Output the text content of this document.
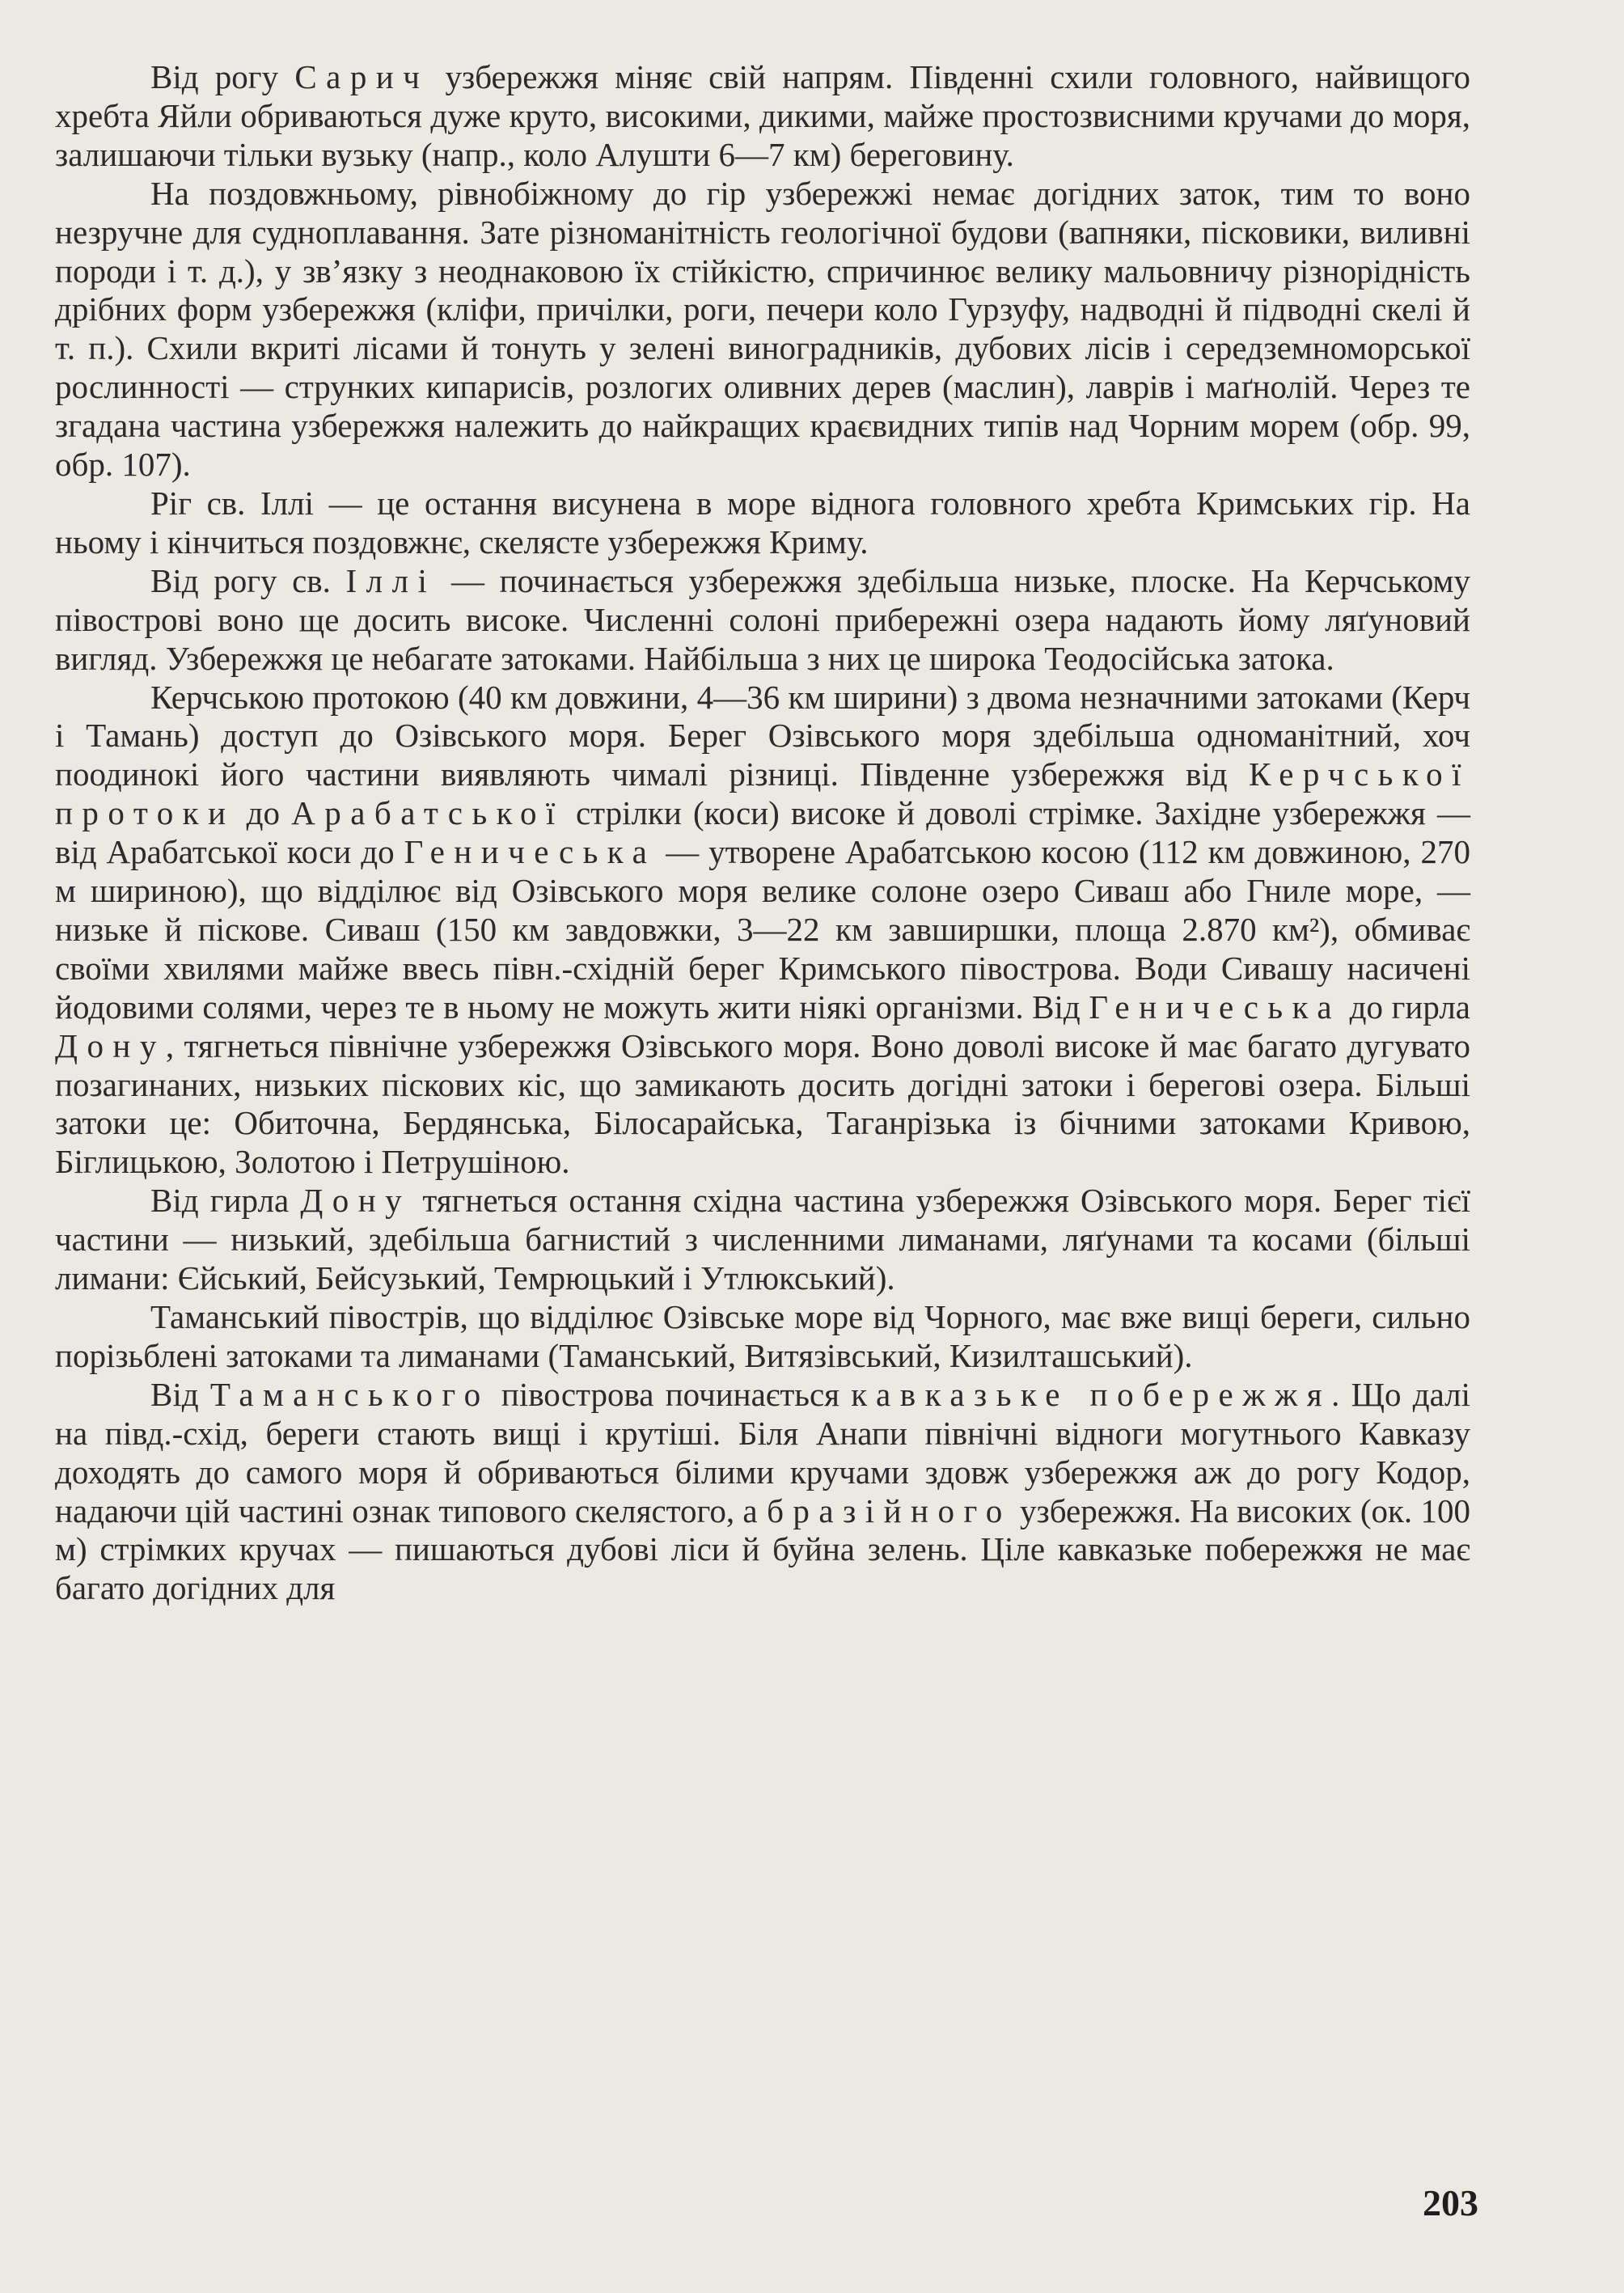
Від рогу Сарич узбережжя міняє свій напрям. Південні схили головного, найвищого хребта Яйли обриваються дуже круто, високими, дикими, майже простозвисними кручами до моря, залишаючи тільки вузьку (напр., коло Алушти 6—7 км) береговину.

На поздовжньому, рівнобіжному до гір узбережжі немає догідних заток, тим то воно незручне для судноплавання. Зате різноманітність геологічної будови (вапняки, пісковики, виливні породи і т. д.), у зв’язку з неоднаковою їх стійкістю, спричинює велику мальовничу різнорідність дрібних форм узбережжя (кліфи, причілки, роги, печери коло Гурзуфу, надводні й підводні скелі й т. п.). Схили вкриті лісами й тонуть у зелені виноградників, дубових лісів і середземноморської рослинності — струнких кипарисів, розлогих оливних дерев (маслин), лаврів і маґнолій. Через те згадана частина узбережжя належить до найкращих краєвидних типів над Чорним морем (обр. 99, обр. 107).

Ріг св. Іллі — це остання висунена в море віднога головного хребта Кримських гір. На ньому і кінчиться поздовжнє, скелясте узбережжя Криму.

Від рогу св. Іллі — починається узбережжя здебільша низьке, плоске. На Керчському півострові воно ще досить високе. Численні солоні прибережні озера надають йому ляґуновий вигляд. Узбережжя це небагате затоками. Найбільша з них це широка Теодосійська затока.

Керчською протокою (40 км довжини, 4—36 км ширини) з двома незначними затоками (Керч і Тамань) доступ до Озівського моря. Берег Озівського моря здебільша одноманітний, хоч поодинокі його частини виявляють чималі різниці. Південне узбережжя від Керчської протоки до Арабатської стрілки (коси) високе й доволі стрімке. Західне узбережжя — від Арабатської коси до Геничеська — утворене Арабатською косою (112 км довжиною, 270 м шириною), що відділює від Озівського моря велике солоне озеро Сиваш або Гниле море, — низьке й піскове. Сиваш (150 км завдовжки, 3—22 км завширшки, площа 2.870 км²), обмиває своїми хвилями майже ввесь півн.-східній берег Кримського півострова. Води Сивашу насичені йодовими солями, через те в ньому не можуть жити ніякі організми. Від Геничеська до гирла Дону, тягнеться північне узбережжя Озівського моря. Воно доволі високе й має багато дугувато позагинаних, низьких піскових кіс, що замикають досить догідні затоки і берегові озера. Більші затоки це: Обиточна, Бердянська, Білосарайська, Таганрізька із бічними затоками Кривою, Біглицькою, Золотою і Петрушіною.

Від гирла Дону тягнеться остання східна частина узбережжя Озівського моря. Берег тієї частини — низький, здебільша багнистий з численними лиманами, ляґунами та косами (більші лимани: Єйський, Бейсузький, Темрюцький і Утлюкський).

Таманський півострів, що відділює Озівське море від Чорного, має вже вищі береги, сильно порізьблені затоками та лиманами (Таманський, Витязівський, Кизилташський).

Від Таманського півострова починається кавказьке побережжя. Що далі на півд.-схід, береги стають вищі і крутіші. Біля Анапи північні відноги могутнього Кавказу доходять до самого моря й обриваються білими кручами здовж узбережжя аж до рогу Кодор, надаючи цій частині ознак типового скелястого, абразійного узбережжя. На високих (ок. 100 м) стрімких кручах — пишаються дубові ліси й буйна зелень. Ціле кавказьке побережжя не має багато догідних для

203
